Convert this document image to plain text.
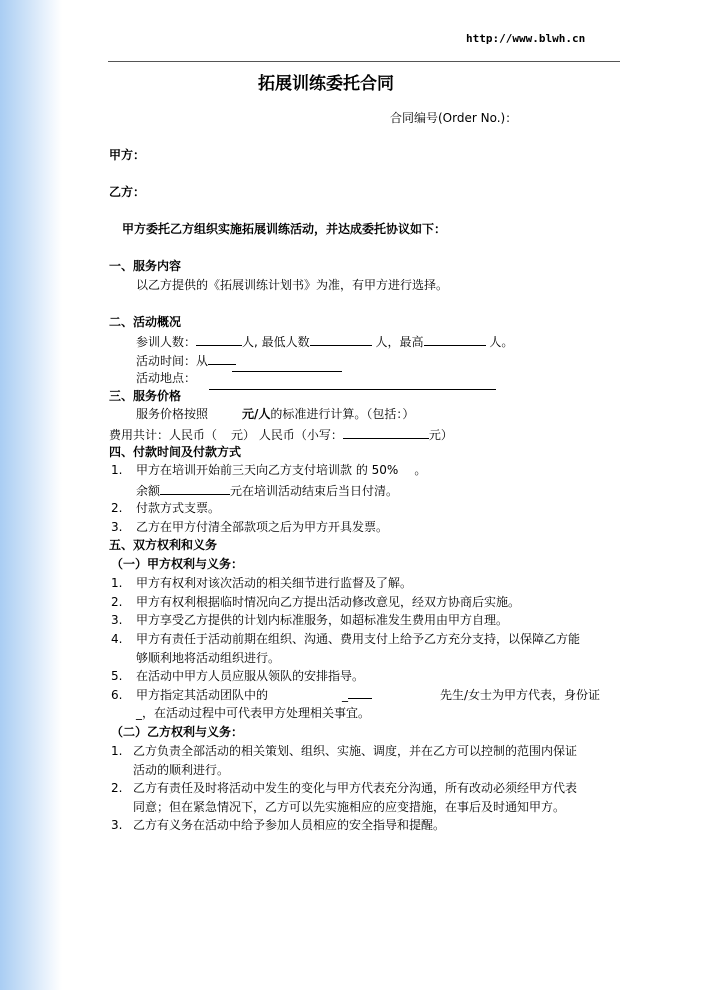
http://www.blwh.cn
拓展训练委托合同
合同编号(Order No.)：
甲方：
乙方：
甲方委托乙方组织实施拓展训练活动，并达成委托协议如下：
一、服务内容
以乙方提供的《拓展训练计划书》为准，有甲方进行选择。
二、活动概况
参训人数：	人, 最低人数	人，最高	人。
活动时间：从
活动地点：
三、服务价格
服务价格按照	元/人的标准进行计算。（包括：）
费用共计：人民币（ 元） 人民币（小写：	元）
四、付款时间及付款方式
1. 甲方在培训开始前三天向乙方支付培训款 的 50% 。
余额	元在培训活动结束后当日付清。
2. 付款方式支票。
3. 乙方在甲方付清全部款项之后为甲方开具发票。
五、双方权利和义务
（一）甲方权利与义务：
1. 甲方有权利对该次活动的相关细节进行监督及了解。
2. 甲方有权利根据临时情况向乙方提出活动修改意见，经双方协商后实施。
3. 甲方享受乙方提供的计划内标准服务，如超标准发生费用由甲方自理。
4. 甲方有责任于活动前期在组织、沟通、费用支付上给予乙方充分支持，以保障乙方能
够顺利地将活动组织进行。
5. 在活动中甲方人员应服从领队的安排指导。
6. 甲方指定其活动团队中的	_	先生/女士为甲方代表，身份证
_，在活动过程中可代表甲方处理相关事宜。
（二）乙方权利与义务：
1. 乙方负责全部活动的相关策划、组织、实施、调度，并在乙方可以控制的范围内保证
活动的顺利进行。
2. 乙方有责任及时将活动中发生的变化与甲方代表充分沟通，所有改动必须经甲方代表
同意；但在紧急情况下，乙方可以先实施相应的应变措施，在事后及时通知甲方。
3. 乙方有义务在活动中给予参加人员相应的安全指导和提醒。
